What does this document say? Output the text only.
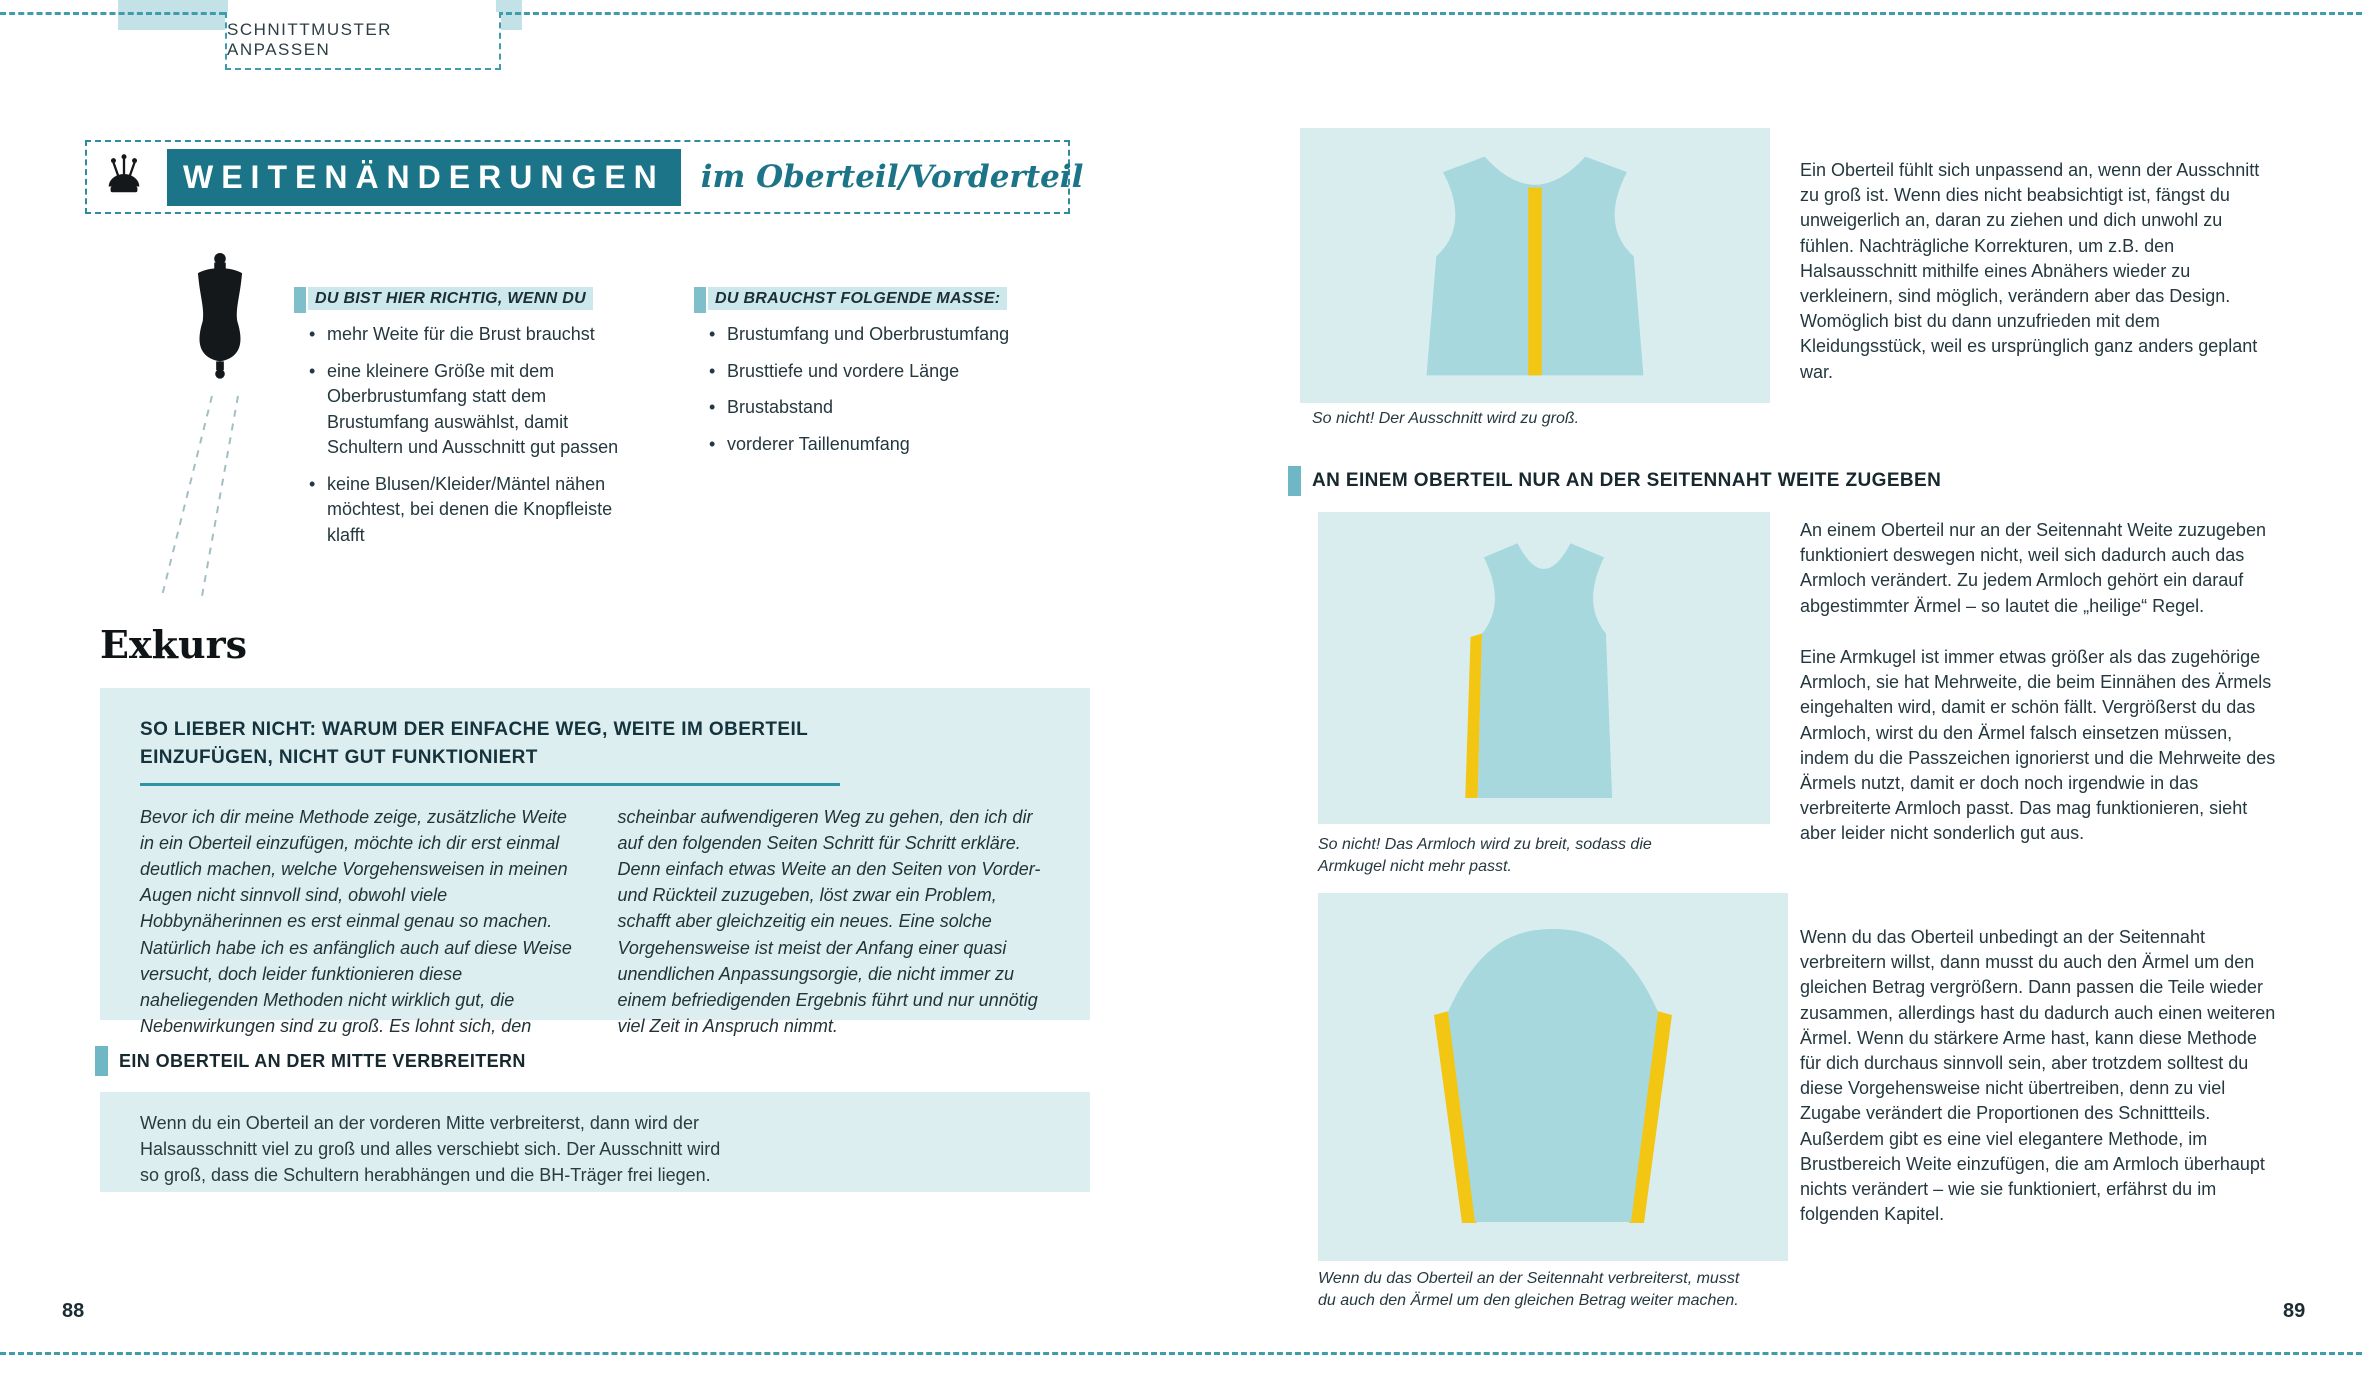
SCHNITTMUSTER ANPASSEN
WEITENÄNDERUNGEN	im Oberteil/Vorderteil

DU BIST HIER RICHTIG, WENN DU

• mehr Weite für die Brust brauchst
• eine kleinere Größe mit dem Oberbrustumfang statt dem Brustumfang auswählst, damit Schultern und Ausschnitt gut passen
• keine Blusen/Kleider/Mäntel nähen möchtest, bei denen die Knopfleiste klafft

DU BRAUCHST FOLGENDE MASSE:

• Brustumfang und Oberbrustumfang
• Brusttiefe und vordere Länge
• Brustabstand
• vorderer Taillenumfang
Exkurs
SO LIEBER NICHT: WARUM DER EINFACHE WEG, WEITE IM OBERTEIL EINZUFÜGEN, NICHT GUT FUNKTIONIERT
Bevor ich dir meine Methode zeige, zusätzliche Weite in ein Oberteil einzufügen, möchte ich dir erst einmal deutlich machen, welche Vorgehensweisen in meinen Augen nicht sinnvoll sind, obwohl viele Hobbynäherinnen es erst einmal genau so machen. Natürlich habe ich es anfänglich auch auf diese Weise versucht, doch leider funktionieren diese naheliegenden Methoden nicht wirklich gut, die Nebenwirkungen sind zu groß. Es lohnt sich, den
scheinbar aufwendigeren Weg zu gehen, den ich dir auf den folgenden Seiten Schritt für Schritt erkläre. Denn einfach etwas Weite an den Seiten von Vorder- und Rückteil zuzugeben, löst zwar ein Problem, schafft aber gleichzeitig ein neues. Eine solche Vorgehensweise ist meist der Anfang einer quasi unendlichen Anpassungsorgie, die nicht immer zu einem befriedigenden Ergebnis führt und nur unnötig viel Zeit in Anspruch nimmt.
EIN OBERTEIL AN DER MITTE VERBREITERN

Wenn du ein Oberteil an der vorderen Mitte verbreiterst, dann wird der Halsausschnitt viel zu groß und alles verschiebt sich. Der Ausschnitt wird so groß, dass die Schultern herabhängen und die BH-Träger frei liegen.

88

So nicht! Der Ausschnitt wird zu groß.

Ein Oberteil fühlt sich unpassend an, wenn der Ausschnitt zu groß ist. Wenn dies nicht beabsichtigt ist, fängst du unweigerlich an, daran zu ziehen und dich unwohl zu fühlen. Nachträgliche Korrekturen, um z.B. den Halsausschnitt mithilfe eines Abnähers wieder zu verkleinern, sind möglich, verändern aber das Design. Womöglich bist du dann unzufrieden mit dem Kleidungsstück, weil es ursprünglich ganz anders geplant war.

AN EINEM OBERTEIL NUR AN DER SEITENNAHT WEITE ZUGEBEN

So nicht! Das Armloch wird zu breit, sodass die Armkugel nicht mehr passt.

An einem Oberteil nur an der Seitennaht Weite zuzugeben funktioniert deswegen nicht, weil sich dadurch auch das Armloch verändert. Zu jedem Armloch gehört ein darauf abgestimmter Ärmel – so lautet die „heilige“ Regel.

Eine Armkugel ist immer etwas größer als das zugehörige Armloch, sie hat Mehrweite, die beim Einnähen des Ärmels eingehalten wird, damit er schön fällt. Vergrößerst du das Armloch, wirst du den Ärmel falsch einsetzen müssen, indem du die Passzeichen ignorierst und die Mehrweite des Ärmels nutzt, damit er doch noch irgendwie in das verbreiterte Armloch passt. Das mag funktionieren, sieht aber leider nicht sonderlich gut aus.

Wenn du das Oberteil an der Seitennaht verbreiterst, musst du auch den Ärmel um den gleichen Betrag weiter machen.

Wenn du das Oberteil unbedingt an der Seitennaht verbreitern willst, dann musst du auch den Ärmel um den gleichen Betrag vergrößern. Dann passen die Teile wieder zusammen, allerdings hast du dadurch auch einen weiteren Ärmel. Wenn du stärkere Arme hast, kann diese Methode für dich durchaus sinnvoll sein, aber trotzdem solltest du diese Vorgehensweise nicht übertreiben, denn zu viel Zugabe verändert die Proportionen des Schnittteils. Außerdem gibt es eine viel elegantere Methode, im Brustbereich Weite einzufügen, die am Armloch überhaupt nichts verändert – wie sie funktioniert, erfährst du im folgenden Kapitel.

89
